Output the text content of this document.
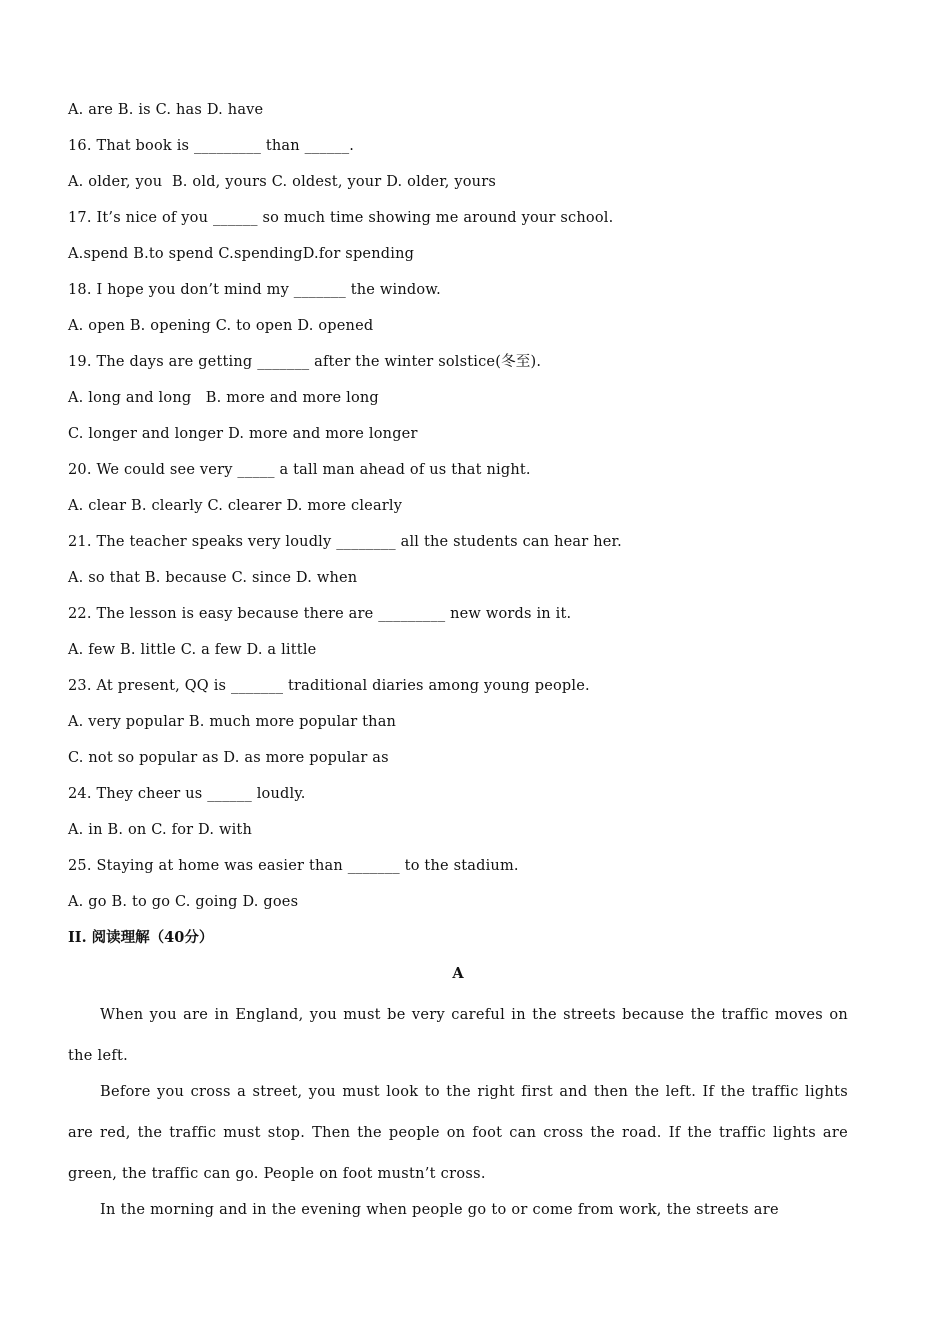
A. are B. is C. has D. have
16. That book is _________ than ______.
A. older, you  B. old, yours C. oldest, your D. older, yours
17. It’s nice of you ______ so much time showing me around your school.
A.spend B.to spend C.spendingD.for spending
18. I hope you don’t mind my _______ the window.
A. open B. opening C. to open D. opened
19. The days are getting _______ after the winter solstice(冬至).
A. long and long   B. more and more long
C. longer and longer D. more and more longer
20. We could see very _____ a tall man ahead of us that night.
A. clear B. clearly C. clearer D. more clearly
21. The teacher speaks very loudly ________ all the students can hear her.
A. so that B. because C. since D. when
22. The lesson is easy because there are _________ new words in it.
A. few B. little C. a few D. a little
23. At present, QQ is _______ traditional diaries among young people.
A. very popular B. much more popular than
C. not so popular as D. as more popular as
24. They cheer us ______ loudly.
A. in B. on C. for D. with
25. Staying at home was easier than _______ to the stadium.
A. go B. to go C. going D. goes
II. 阅读理解（40分）
A
When you are in England, you must be very careful in the streets because the traffic moves on the left.
Before you cross a street, you must look to the right first and then the left. If the traffic lights are red, the traffic must stop. Then the people on foot can cross the road. If the traffic lights are green, the traffic can go. People on foot mustn’t cross.
In the morning and in the evening when people go to or come from work, the streets are
